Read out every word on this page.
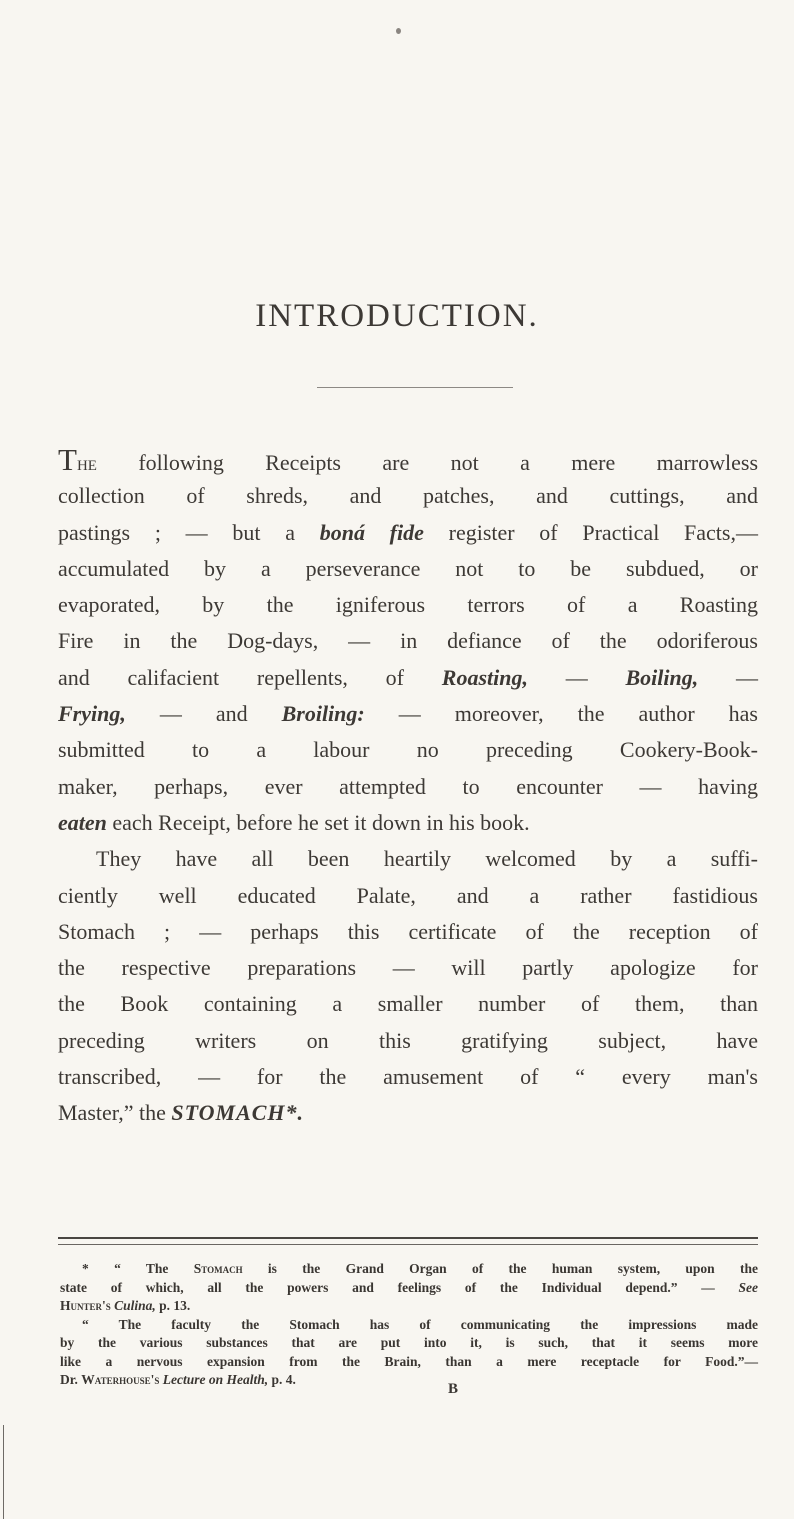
INTRODUCTION.
The following Receipts are not a mere marrowless
collection of shreds, and patches, and cuttings, and
pastings ; — but a boná fide register of Practical Facts,—
accumulated by a perseverance not to be subdued, or
evaporated, by the igniferous terrors of a Roasting
Fire in the Dog-days, — in defiance of the odoriferous
and califacient repellents, of Roasting, — Boiling, —
Frying, — and Broiling: — moreover, the author has
submitted to a labour no preceding Cookery-Book-
maker, perhaps, ever attempted to encounter — having
eaten each Receipt, before he set it down in his book.
They have all been heartily welcomed by a suffi-
ciently well educated Palate, and a rather fastidious
Stomach ; — perhaps this certificate of the reception of
the respective preparations — will partly apologize for
the Book containing a smaller number of them, than
preceding writers on this gratifying subject, have
transcribed, — for the amusement of “ every man's
Master,” the STOMACH*.
* “ The Stomach is the Grand Organ of the human system, upon the
state of which, all the powers and feelings of the Individual depend.” — See
Hunter's Culina, p. 13.
“ The faculty the Stomach has of communicating the impressions made
by the various substances that are put into it, is such, that it seems more
like a nervous expansion from the Brain, than a mere receptacle for Food.”—
Dr. Waterhouse's Lecture on Health, p. 4.
B
